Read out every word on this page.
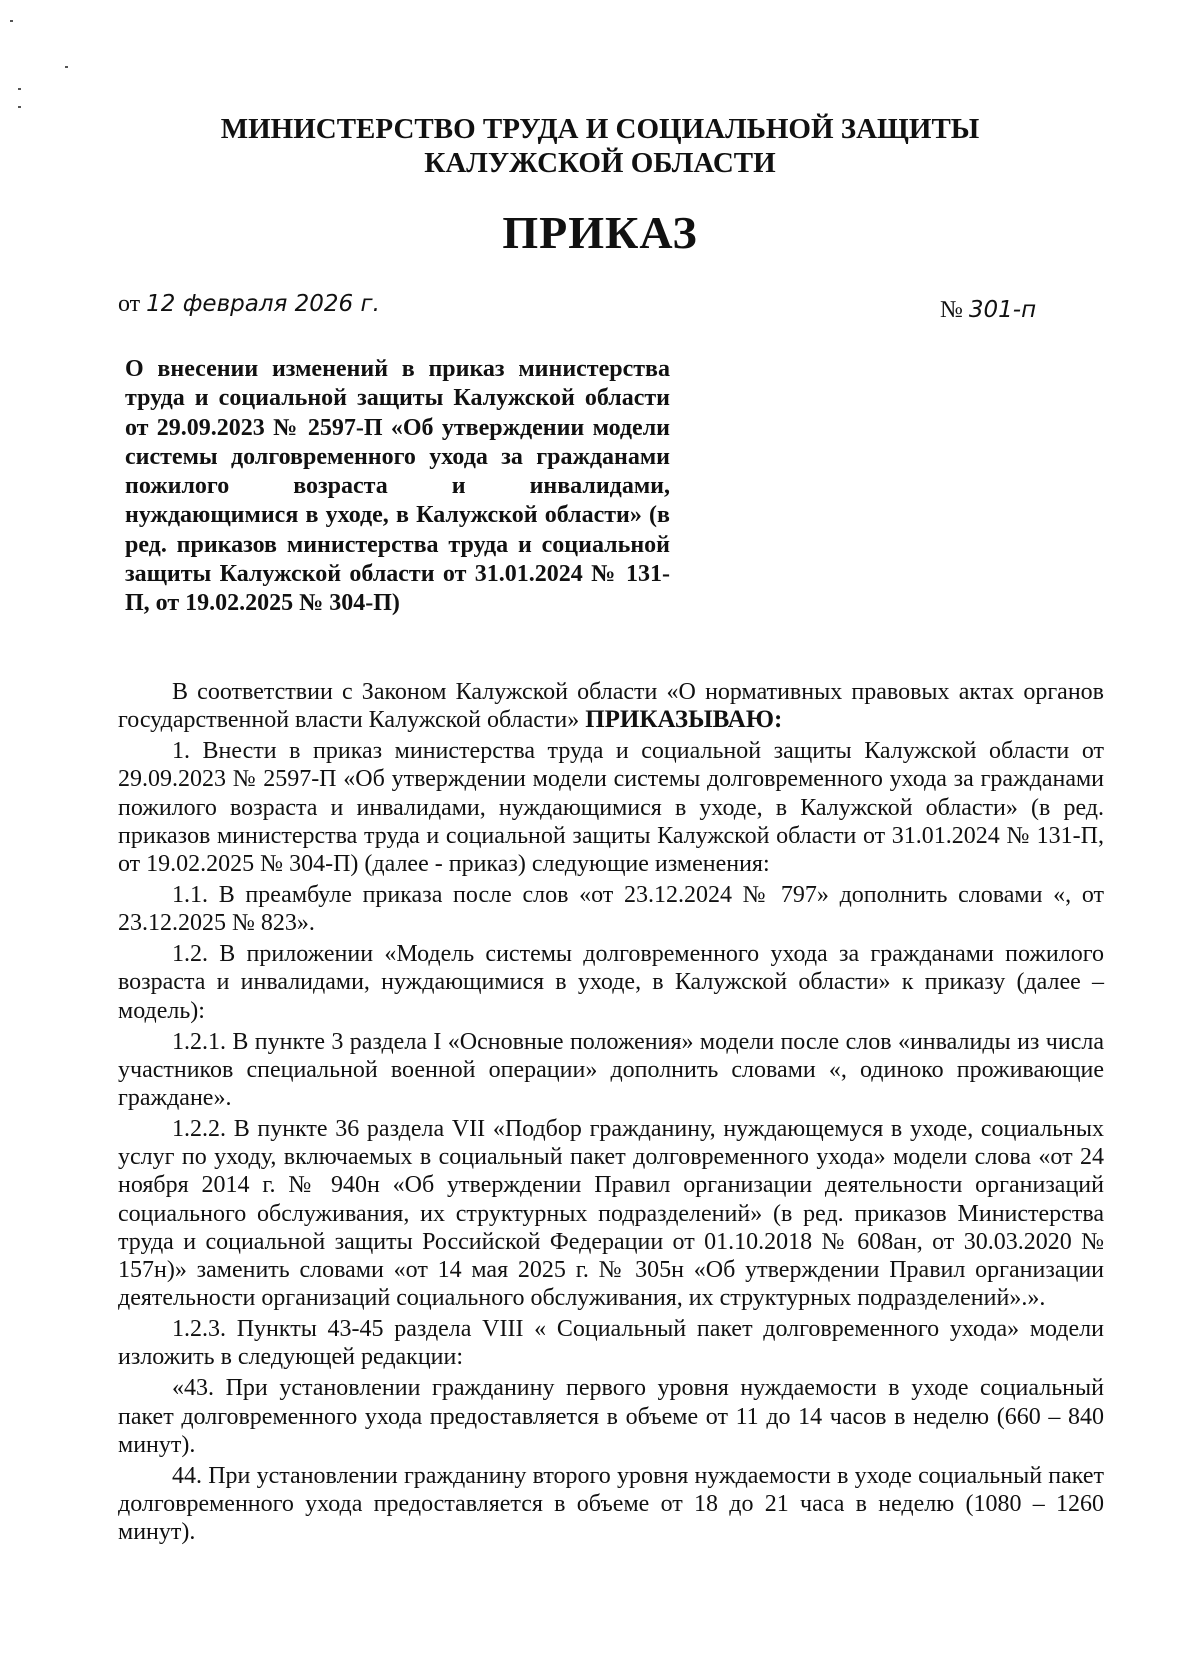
МИНИСТЕРСТВО ТРУДА И СОЦИАЛЬНОЙ ЗАЩИТЫ
КАЛУЖСКОЙ ОБЛАСТИ
ПРИКАЗ
от 12 февраля 2026 г.	№ 301-п
О внесении изменений в приказ министерства труда и социальной защиты Калужской области от 29.09.2023 № 2597-П «Об утверждении модели системы долговременного ухода за гражданами пожилого возраста и инвалидами, нуждающимися в уходе, в Калужской области» (в ред. приказов министерства труда и социальной защиты Калужской области от 31.01.2024 № 131-П, от 19.02.2025 № 304-П)

В соответствии с Законом Калужской области «О нормативных правовых актах органов государственной власти Калужской области» ПРИКАЗЫВАЮ:

1. Внести в приказ министерства труда и социальной защиты Калужской области от 29.09.2023 № 2597-П «Об утверждении модели системы долговременного ухода за гражданами пожилого возраста и инвалидами, нуждающимися в уходе, в Калужской области» (в ред. приказов министерства труда и социальной защиты Калужской области от 31.01.2024 № 131-П, от 19.02.2025 № 304-П) (далее - приказ) следующие изменения:

1.1. В преамбуле приказа после слов «от 23.12.2024 № 797» дополнить словами «, от 23.12.2025 № 823».

1.2. В приложении «Модель системы долговременного ухода за гражданами пожилого возраста и инвалидами, нуждающимися в уходе, в Калужской области» к приказу (далее – модель):

1.2.1. В пункте 3 раздела I «Основные положения» модели после слов «инвалиды из числа участников специальной военной операции» дополнить словами «, одиноко проживающие граждане».

1.2.2. В пункте 36 раздела VII «Подбор гражданину, нуждающемуся в уходе, социальных услуг по уходу, включаемых в социальный пакет долговременного ухода» модели слова «от 24 ноября 2014 г. № 940н «Об утверждении Правил организации деятельности организаций социального обслуживания, их структурных подразделений» (в ред. приказов Министерства труда и социальной защиты Российской Федерации от 01.10.2018 № 608ан, от 30.03.2020 № 157н)» заменить словами «от 14 мая 2025 г. № 305н «Об утверждении Правил организации деятельности организаций социального обслуживания, их структурных подразделений».».

1.2.3. Пункты 43-45 раздела VIII « Социальный пакет долговременного ухода» модели изложить в следующей редакции:

«43. При установлении гражданину первого уровня нуждаемости в уходе социальный пакет долговременного ухода предоставляется в объеме от 11 до 14 часов в неделю (660 – 840 минут).

44. При установлении гражданину второго уровня нуждаемости в уходе социальный пакет долговременного ухода предоставляется в объеме от 18 до 21 часа в неделю (1080 – 1260 минут).
